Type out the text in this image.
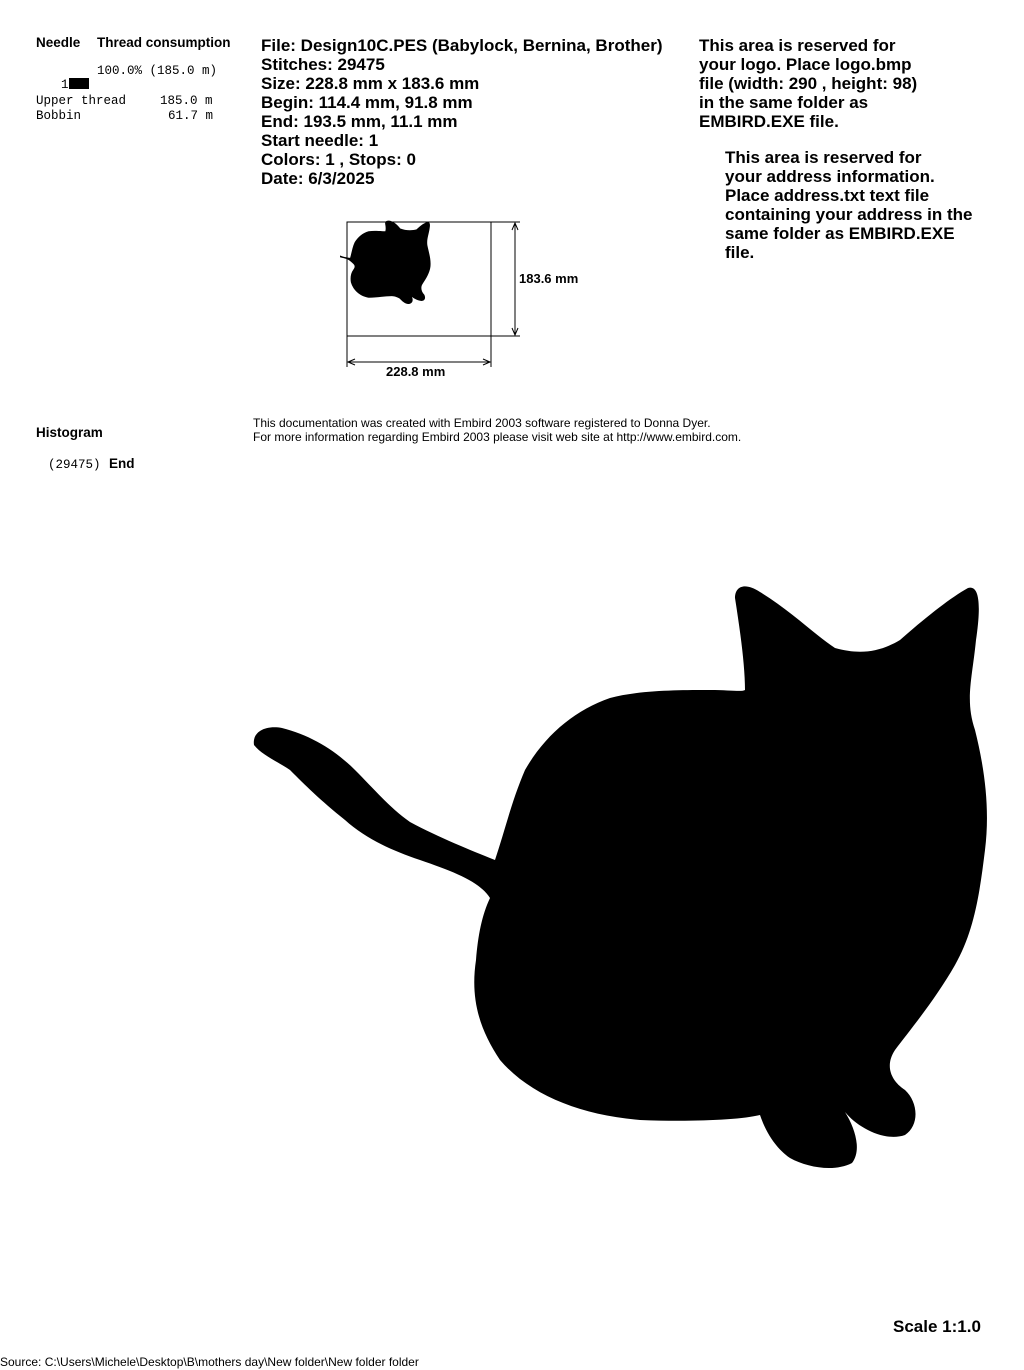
Needle Thread consumption

1

100.0% (185.0 m)
Upper thread	185.0 m
Bobbin	61.7 m
File: Design10C.PES (Babylock, Bernina, Brother)
Stitches: 29475
Size: 228.8 mm x 183.6 mm
Begin: 114.4 mm, 91.8 mm
End: 193.5 mm, 11.1 mm
Start needle: 1
Colors: 1 , Stops: 0
Date: 6/3/2025
This area is reserved for
your logo. Place logo.bmp
file (width: 290 , height: 98)
in the same folder as
EMBIRD.EXE file.
This area is reserved for
your address information.
Place address.txt text file
containing your address in the
same folder as EMBIRD.EXE
file.
183.6 mm
228.8 mm
This documentation was created with Embird 2003 software registered to Donna Dyer.
For more information regarding Embird 2003 please visit web site at http://www.embird.com.
Histogram
(29475) End
Scale 1:1.0
Source: C:\Users\Michele\Desktop\B\mothers day\New folder\New folder folder
